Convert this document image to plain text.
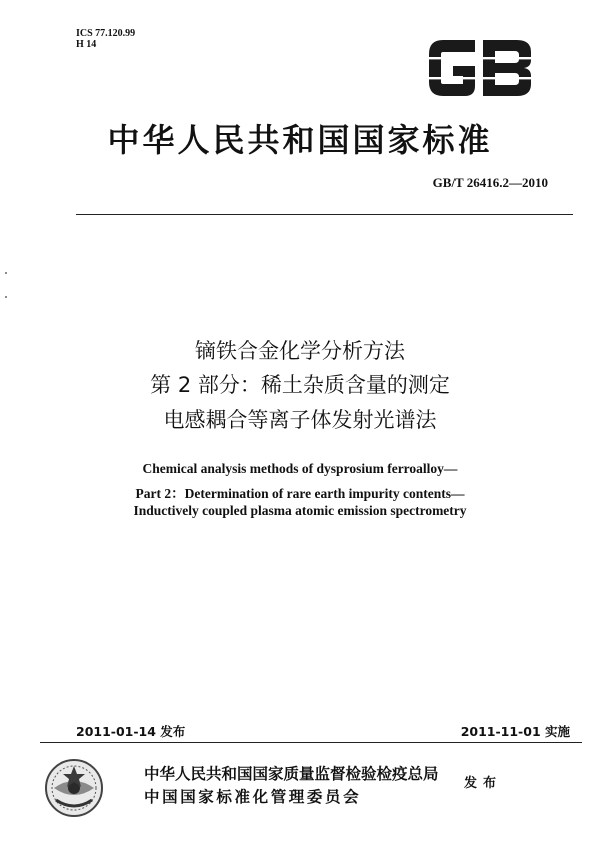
ICS 77.120.99
H 14
中华人民共和国国家标准
GB/T 26416.2—2010
镝铁合金化学分析方法
第 2 部分：稀土杂质含量的测定
电感耦合等离子体发射光谱法
Chemical analysis methods of dysprosium ferroalloy—
Part 2：Determination of rare earth impurity contents—
Inductively coupled plasma atomic emission spectrometry
2011-01-14 发布	2011-11-01 实施
中华人民共和国国家质量监督检验检疫总局
中国国家标准化管理委员会
发布
